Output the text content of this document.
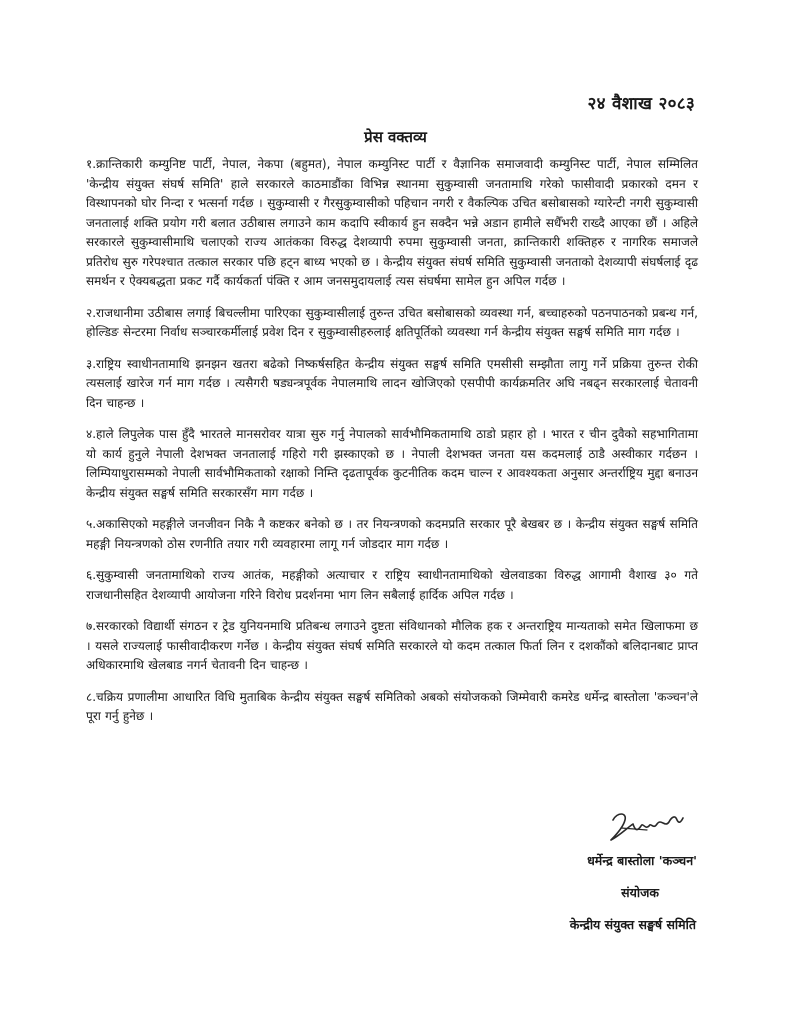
२४ वैशाख २०८३
प्रेस वक्तव्य

१.क्रान्तिकारी कम्युनिष्ट पार्टी, नेपाल, नेकपा (बहुमत), नेपाल कम्युनिस्ट पार्टी र वैज्ञानिक समाजवादी कम्युनिस्ट पार्टी, नेपाल सम्मिलित 'केन्द्रीय संयुक्त संघर्ष समिति' हाले सरकारले काठमाडौंका विभिन्न स्थानमा सुकुम्वासी जनतामाथि गरेको फासीवादी प्रकारको दमन र विस्थापनको घोर निन्दा र भत्सर्ना गर्दछ । सुकुम्वासी र गैरसुकुम्वासीको पहिचान नगरी र वैकल्पिक उचित बसोबासको ग्यारेन्टी नगरी सुकुम्वासी जनतालाई शक्ति प्रयोग गरी बलात उठीबास लगाउने काम कदापि स्वीकार्य हुन सक्दैन भन्ने अडान हामीले सधैँभरी राख्दै आएका छौं । अहिले सरकारले सुकुम्वासीमाथि चलाएको राज्य आतंकका विरुद्ध देशव्यापी रुपमा सुकुम्वासी जनता, क्रान्तिकारी शक्तिहरु र नागरिक समाजले प्रतिरोध सुरु गरेपश्चात तत्काल सरकार पछि हट्न बाध्य भएको छ । केन्द्रीय संयुक्त संघर्ष समिति सुकुम्वासी जनताको देशव्यापी संघर्षलाई दृढ समर्थन र ऐक्यबद्धता प्रकट गर्दै कार्यकर्ता पंक्ति र आम जनसमुदायलाई त्यस संघर्षमा सामेल हुन अपिल गर्दछ ।

२.राजधानीमा उठीबास लगाई बिचल्लीमा पारिएका सुकुम्वासीलाई तुरुन्त उचित बसोबासको व्यवस्था गर्न, बच्चाहरुको पठनपाठनको प्रबन्ध गर्न, होल्डिङ सेन्टरमा निर्वाध सञ्चारकर्मीलाई प्रवेश दिन र सुकुम्वासीहरुलाई क्षतिपूर्तिको व्यवस्था गर्न केन्द्रीय संयुक्त सङ्घर्ष समिति माग गर्दछ ।

३.राष्ट्रिय स्वाधीनतामाथि झनझन खतरा बढेको निष्कर्षसहित केन्द्रीय संयुक्त सङ्घर्ष समिति एमसीसी सम्झौता लागु गर्ने प्रक्रिया तुरुन्त रोकी त्यसलाई खारेज गर्न माग गर्दछ । त्यसैगरी षड्यन्त्रपूर्वक नेपालमाथि लादन खोजिएको एसपीपी कार्यक्रमतिर अघि नबढ्न सरकारलाई चेतावनी दिन चाहन्छ ।

४.हाले लिपुलेक पास हुँदै भारतले मानसरोवर यात्रा सुरु गर्नु नेपालको सार्वभौमिकतामाथि ठाडो प्रहार हो । भारत र चीन दुवैको सहभागितामा यो कार्य हुनुले नेपाली देशभक्त जनतालाई गहिरो गरी झस्काएको छ । नेपाली देशभक्त जनता यस कदमलाई ठाडै अस्वीकार गर्दछन । लिम्पियाधुरासम्मको नेपाली सार्वभौमिकताको रक्षाको निम्ति दृढतापूर्वक कुटनीतिक कदम चाल्न र आवश्यकता अनुसार अन्तर्राष्ट्रिय मुद्दा बनाउन केन्द्रीय संयुक्त सङ्घर्ष समिति सरकारसँग माग गर्दछ ।

५.अकासिएको महङ्गीले जनजीवन निकै नै कष्टकर बनेको छ । तर नियन्त्रणको कदमप्रति सरकार पूरै बेखबर छ । केन्द्रीय संयुक्त सङ्घर्ष समिति महङ्गी नियन्त्रणको ठोस रणनीति तयार गरी व्यवहारमा लागू गर्न जोडदार माग गर्दछ ।

६.सुकुम्वासी जनतामाथिको राज्य आतंक, महङ्गीको अत्याचार र राष्ट्रिय स्वाधीनतामाथिको खेलवाडका विरुद्ध आगामी वैशाख ३० गते राजधानीसहित देशव्यापी आयोजना गरिने विरोध प्रदर्शनमा भाग लिन सबैलाई हार्दिक अपिल गर्दछ ।

७.सरकारको विद्यार्थी संगठन र ट्रेड युनियनमाथि प्रतिबन्ध लगाउने दुष्टता संविधानको मौलिक हक र अन्तराष्ट्रिय मान्यताको समेत खिलाफमा छ । यसले राज्यलाई फासीवादीकरण गर्नेछ । केन्द्रीय संयुक्त संघर्ष समिति सरकारले यो कदम तत्काल फिर्ता लिन र दशकौंको बलिदानबाट प्राप्त अधिकारमाथि खेलबाड नगर्न चेतावनी दिन चाहन्छ ।

८.चक्रिय प्रणालीमा आधारित विधि मुताबिक केन्द्रीय संयुक्त सङ्घर्ष समितिको अबको संयोजकको जिम्मेवारी कमरेड धर्मेन्द्र बास्तोला 'कञ्चन'ले पूरा गर्नु हुनेछ ।

धर्मेन्द्र बास्तोला 'कञ्चन'
संयोजक
केन्द्रीय संयुक्त सङ्घर्ष समिति
